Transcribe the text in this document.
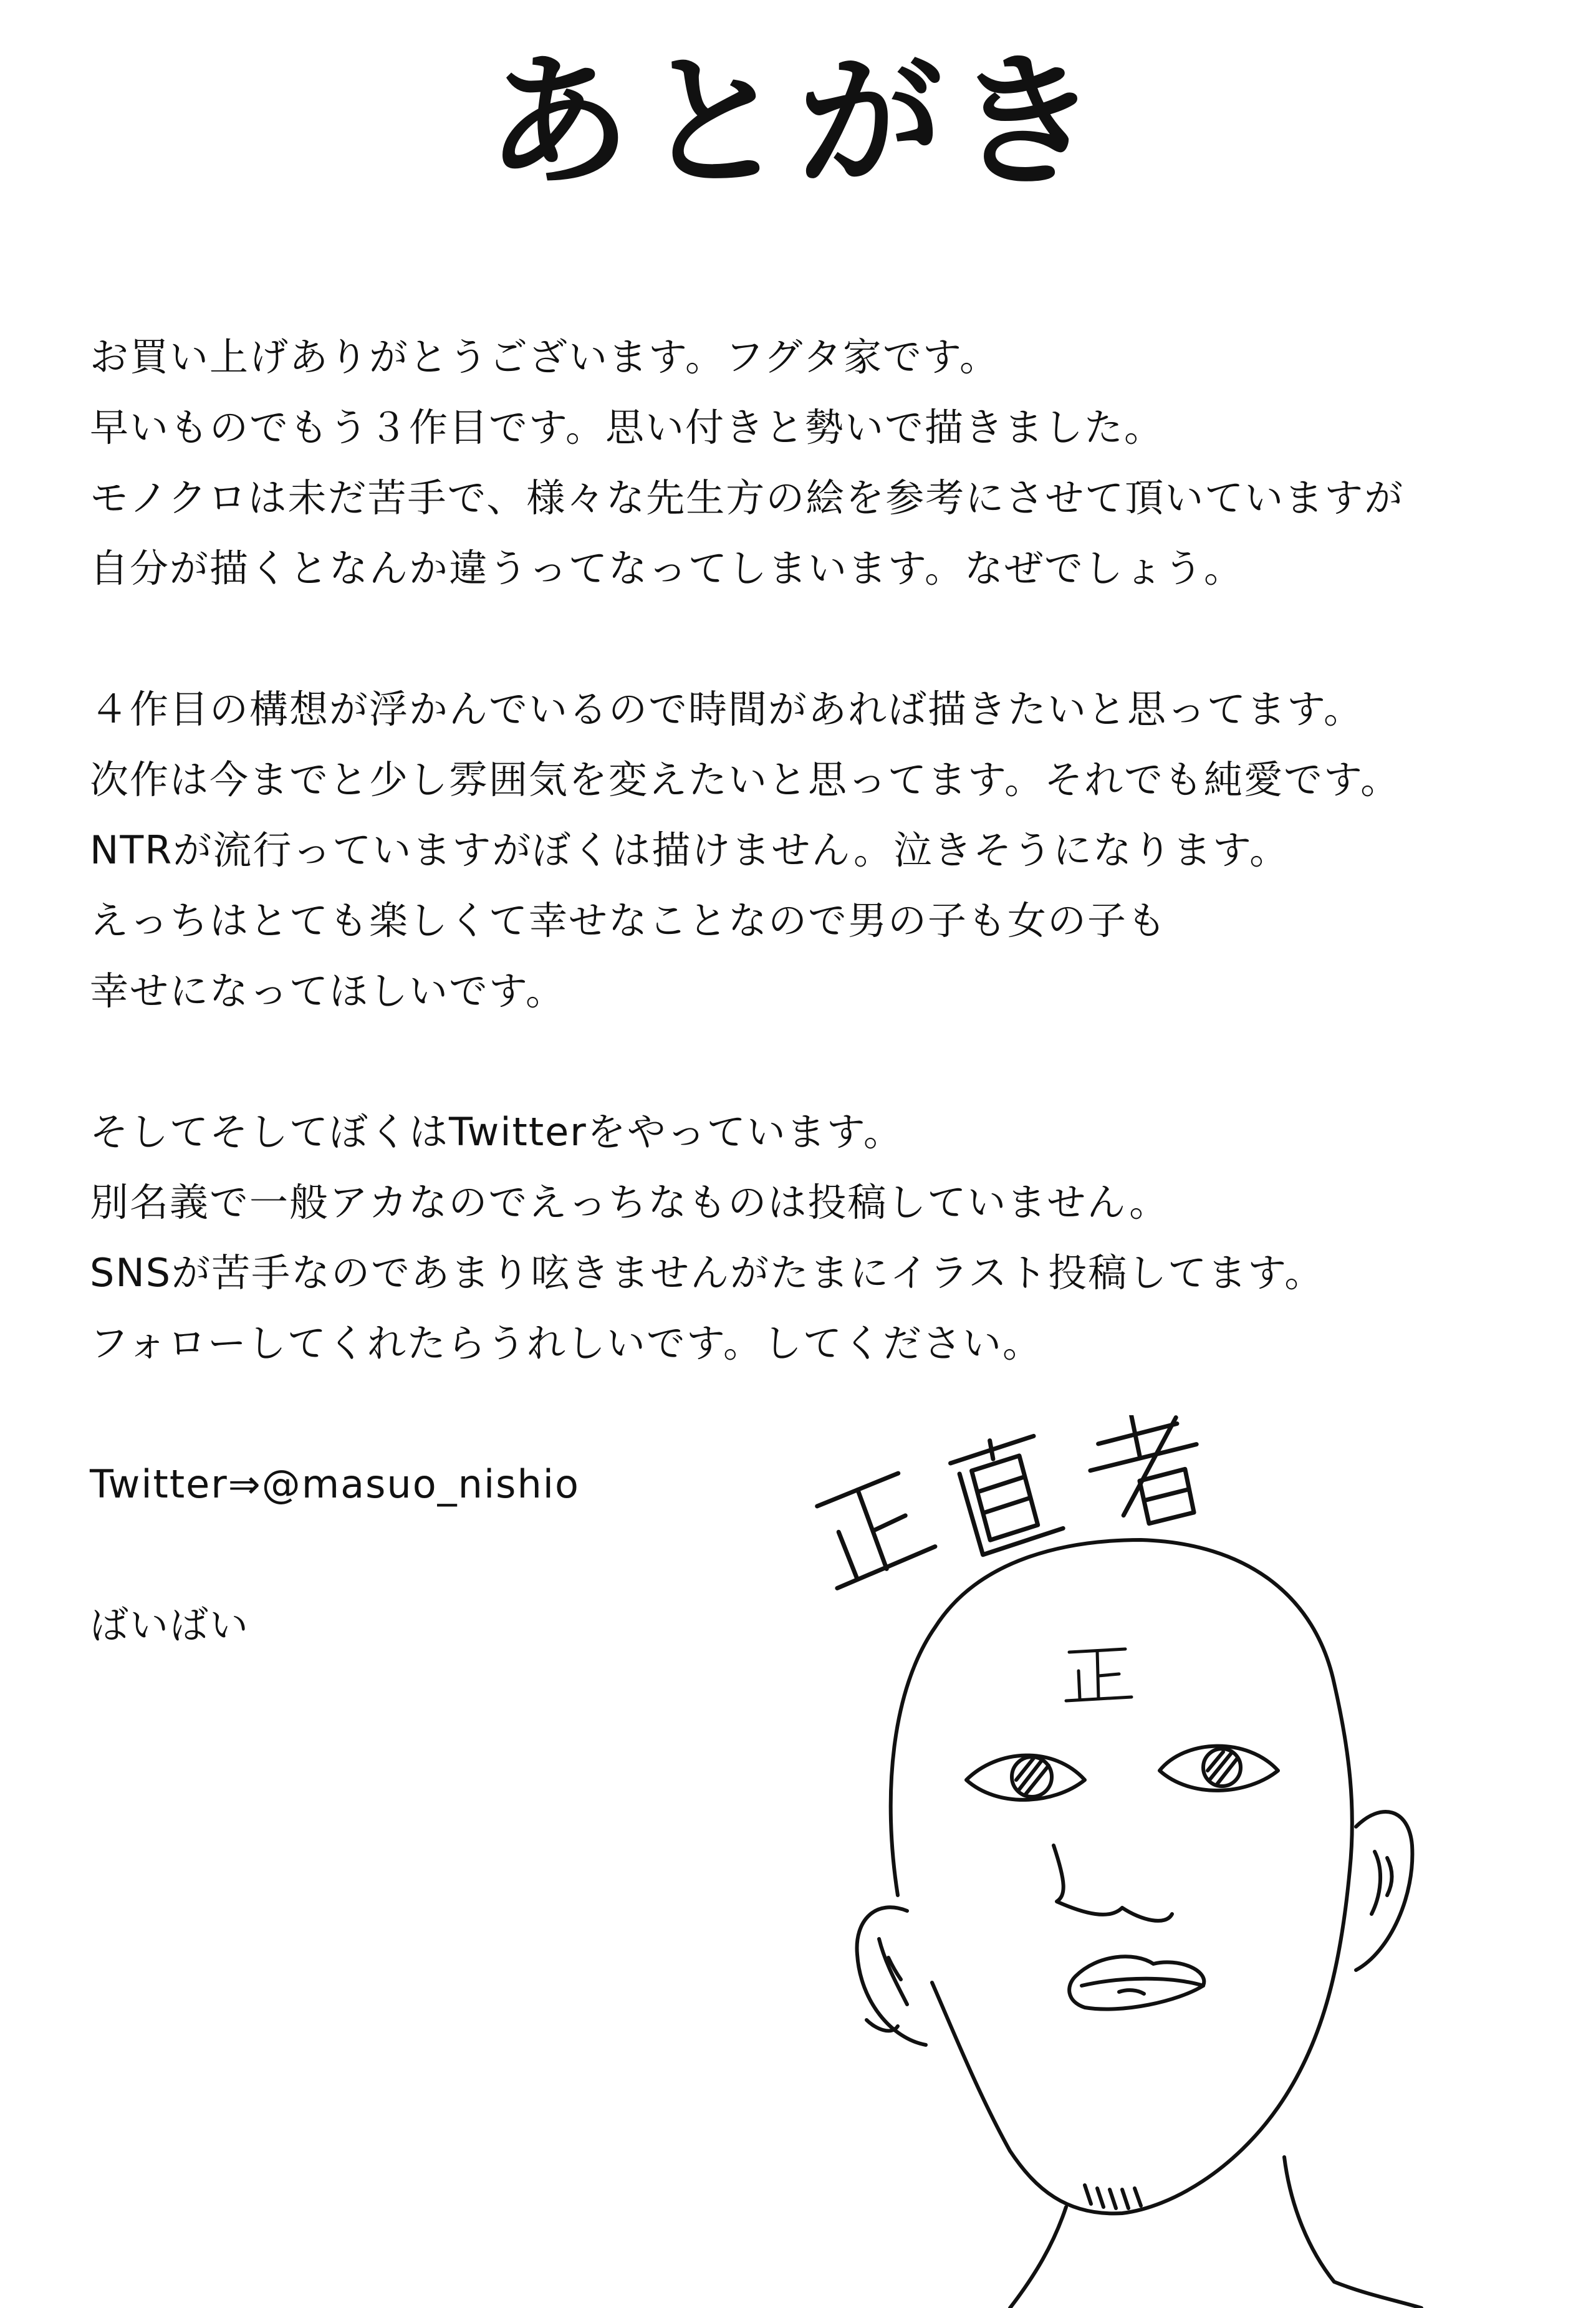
あとがき
お買い上げありがとうございます。フグタ家です。
早いものでもう３作目です。思い付きと勢いで描きました。
モノクロは未だ苦手で、様々な先生方の絵を参考にさせて頂いていますが
自分が描くとなんか違うってなってしまいます。なぜでしょう。
４作目の構想が浮かんでいるので時間があれば描きたいと思ってます。
次作は今までと少し雰囲気を変えたいと思ってます。それでも純愛です。
NTRが流行っていますがぼくは描けません。泣きそうになります。
えっちはとても楽しくて幸せなことなので男の子も女の子も
幸せになってほしいです。
そしてそしてぼくはTwitterをやっています。
別名義で一般アカなのでえっちなものは投稿していません。
SNSが苦手なのであまり呟きませんがたまにイラスト投稿してます。
フォローしてくれたらうれしいです。してください。
Twitter⇒@masuo_nishio
ばいばい
